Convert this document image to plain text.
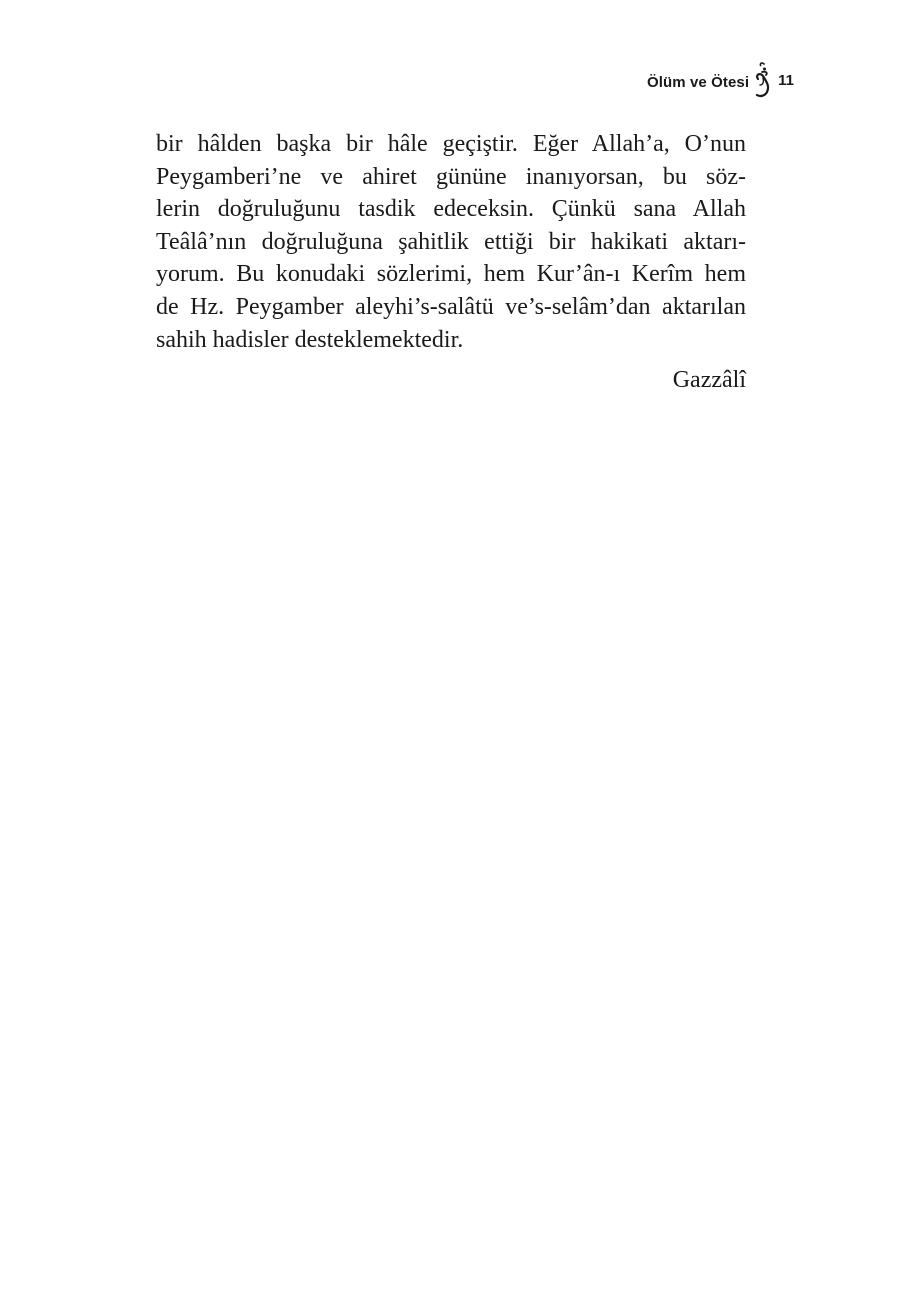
Ölüm ve Ötesi 11

bir hâlden başka bir hâle geçiştir. Eğer Allah’a, O’nun
Peygamberi’ne ve ahiret gününe inanıyorsan, bu söz-
lerin doğruluğunu tasdik edeceksin. Çünkü sana Allah
Teâlâ’nın doğruluğuna şahitlik ettiği bir hakikati aktarı-
yorum. Bu konudaki sözlerimi, hem Kur’ân-ı Kerîm hem
de Hz. Peygamber aleyhi’s-salâtü ve’s-selâm’dan aktarılan
sahih hadisler desteklemektedir.

Gazzâlî
